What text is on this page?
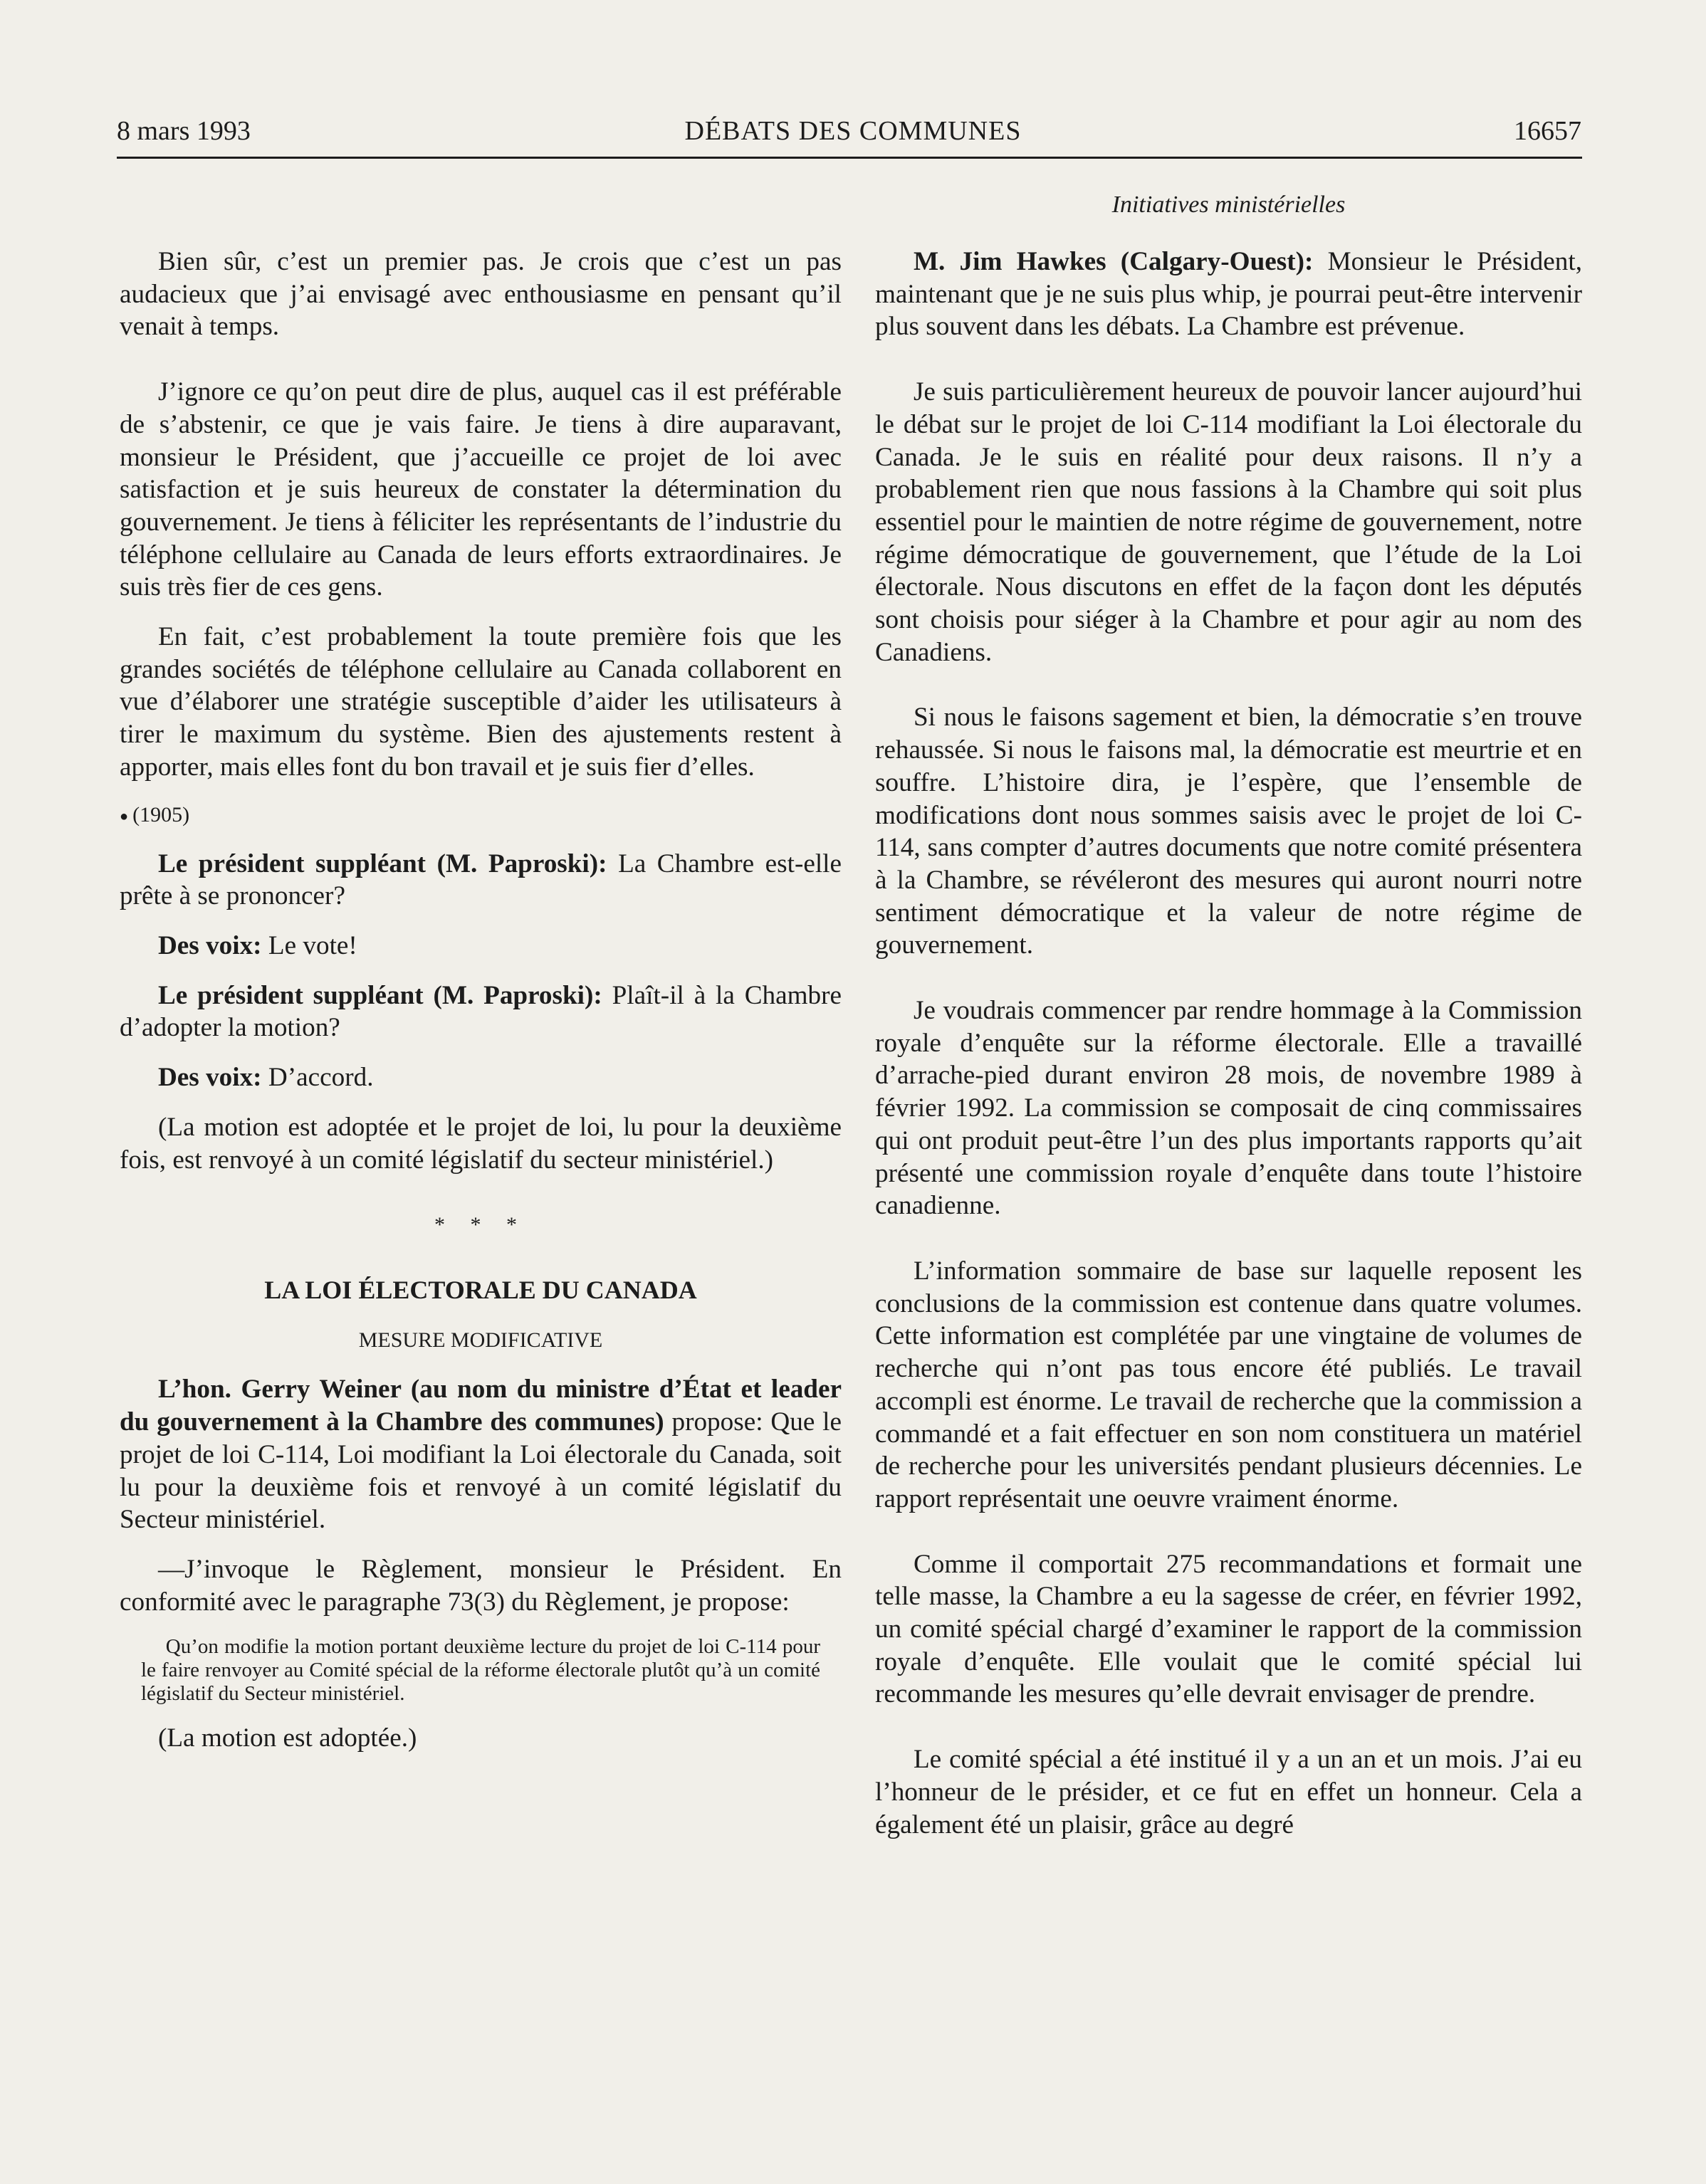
8 mars 1993	DÉBATS DES COMMUNES	16657
Initiatives ministérielles

Bien sûr, c’est un premier pas. Je crois que c’est un pas audacieux que j’ai envisagé avec enthousiasme en pensant qu’il venait à temps.

J’ignore ce qu’on peut dire de plus, auquel cas il est préférable de s’abstenir, ce que je vais faire. Je tiens à dire auparavant, monsieur le Président, que j’accueille ce projet de loi avec satisfaction et je suis heureux de constater la détermination du gouvernement. Je tiens à féliciter les représentants de l’industrie du téléphone cellulaire au Canada de leurs efforts extraordinaires. Je suis très fier de ces gens.

En fait, c’est probablement la toute première fois que les grandes sociétés de téléphone cellulaire au Canada collaborent en vue d’élaborer une stratégie susceptible d’aider les utilisateurs à tirer le maximum du système. Bien des ajustements restent à apporter, mais elles font du bon travail et je suis fier d’elles.

● (1905)

Le président suppléant (M. Paproski): La Chambre est-elle prête à se prononcer?

Des voix: Le vote!

Le président suppléant (M. Paproski): Plaît-il à la Chambre d’adopter la motion?

Des voix: D’accord.

(La motion est adoptée et le projet de loi, lu pour la deuxième fois, est renvoyé à un comité législatif du secteur ministériel.)

* * *

LA LOI ÉLECTORALE DU CANADA

MESURE MODIFICATIVE

L’hon. Gerry Weiner (au nom du ministre d’État et leader du gouvernement à la Chambre des communes) propose: Que le projet de loi C-114, Loi modifiant la Loi électorale du Canada, soit lu pour la deuxième fois et renvoyé à un comité législatif du Secteur ministériel.

—J’invoque le Règlement, monsieur le Président. En conformité avec le paragraphe 73(3) du Règlement, je propose:

Qu’on modifie la motion portant deuxième lecture du projet de loi C-114 pour le faire renvoyer au Comité spécial de la réforme électorale plutôt qu’à un comité législatif du Secteur ministériel.

(La motion est adoptée.)

M. Jim Hawkes (Calgary-Ouest): Monsieur le Président, maintenant que je ne suis plus whip, je pourrai peut-être intervenir plus souvent dans les débats. La Chambre est prévenue.

Je suis particulièrement heureux de pouvoir lancer aujourd’hui le débat sur le projet de loi C-114 modifiant la Loi électorale du Canada. Je le suis en réalité pour deux raisons. Il n’y a probablement rien que nous fassions à la Chambre qui soit plus essentiel pour le maintien de notre régime de gouvernement, notre régime démocratique de gouvernement, que l’étude de la Loi électorale. Nous discutons en effet de la façon dont les députés sont choisis pour siéger à la Chambre et pour agir au nom des Canadiens.

Si nous le faisons sagement et bien, la démocratie s’en trouve rehaussée. Si nous le faisons mal, la démocratie est meurtrie et en souffre. L’histoire dira, je l’espère, que l’ensemble de modifications dont nous sommes saisis avec le projet de loi C-114, sans compter d’autres documents que notre comité présentera à la Chambre, se révéleront des mesures qui auront nourri notre sentiment démocratique et la valeur de notre régime de gouvernement.

Je voudrais commencer par rendre hommage à la Commission royale d’enquête sur la réforme électorale. Elle a travaillé d’arrache-pied durant environ 28 mois, de novembre 1989 à février 1992. La commission se composait de cinq commissaires qui ont produit peut-être l’un des plus importants rapports qu’ait présenté une commission royale d’enquête dans toute l’histoire canadienne.

L’information sommaire de base sur laquelle reposent les conclusions de la commission est contenue dans quatre volumes. Cette information est complétée par une vingtaine de volumes de recherche qui n’ont pas tous encore été publiés. Le travail accompli est énorme. Le travail de recherche que la commission a commandé et a fait effectuer en son nom constituera un matériel de recherche pour les universités pendant plusieurs décennies. Le rapport représentait une oeuvre vraiment énorme.

Comme il comportait 275 recommandations et formait une telle masse, la Chambre a eu la sagesse de créer, en février 1992, un comité spécial chargé d’examiner le rapport de la commission royale d’enquête. Elle voulait que le comité spécial lui recommande les mesures qu’elle devrait envisager de prendre.

Le comité spécial a été institué il y a un an et un mois. J’ai eu l’honneur de le présider, et ce fut en effet un honneur. Cela a également été un plaisir, grâce au degré
